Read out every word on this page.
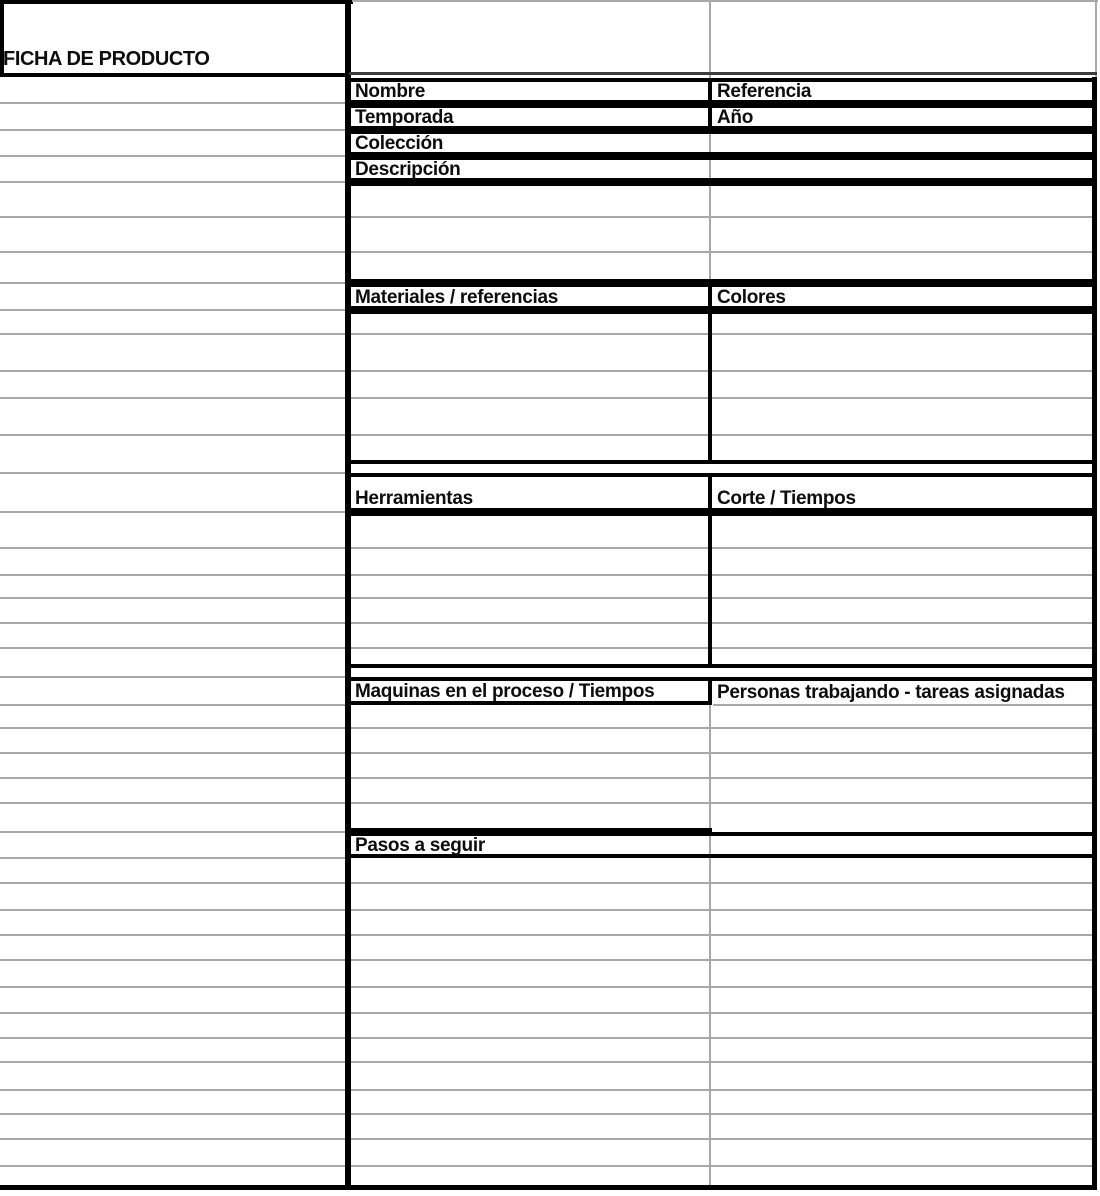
FICHA DE PRODUCTO
Nombre	Referencia
Temporada	Año
Colección
Descripción
Materiales / referencias	Colores
Herramientas	Corte / Tiempos
Maquinas en el proceso / Tiempos	Personas trabajando - tareas asignadas
Pasos a seguir
